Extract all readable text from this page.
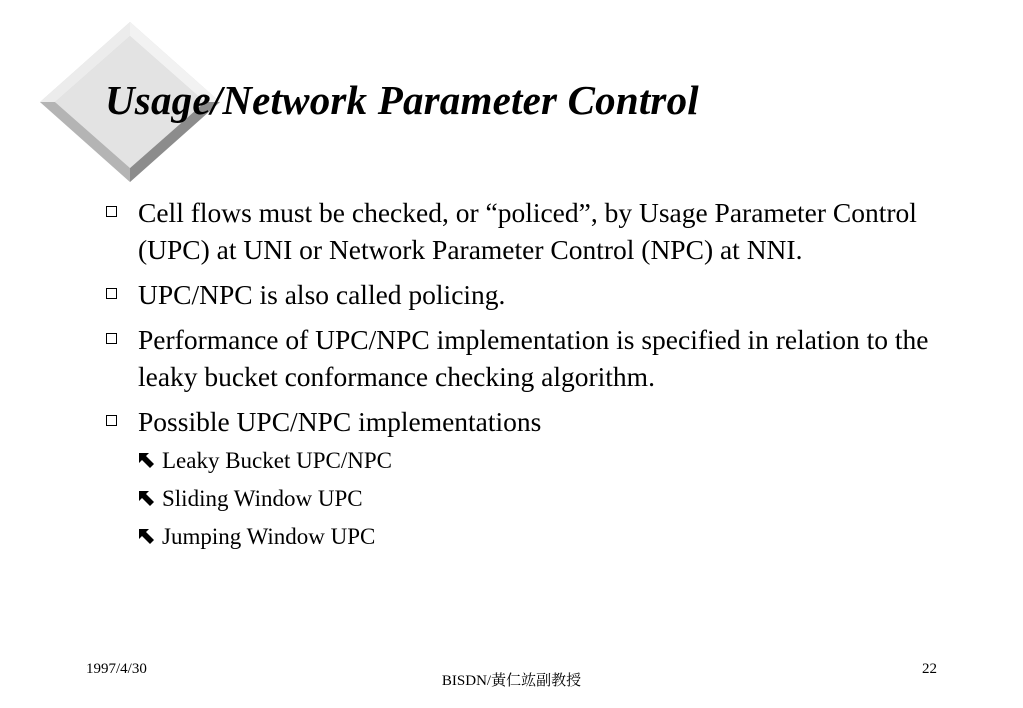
Usage/Network Parameter Control
Cell flows must be checked, or “policed”, by Usage Parameter Control (UPC) at UNI or Network Parameter Control (NPC) at NNI.
UPC/NPC is also called policing.
Performance of UPC/NPC implementation is specified in relation to the leaky bucket conformance checking algorithm.
Possible UPC/NPC implementations
Leaky Bucket UPC/NPC
Sliding Window UPC
Jumping Window UPC
1997/4/30
BISDN/黃仁竑副教授
22
